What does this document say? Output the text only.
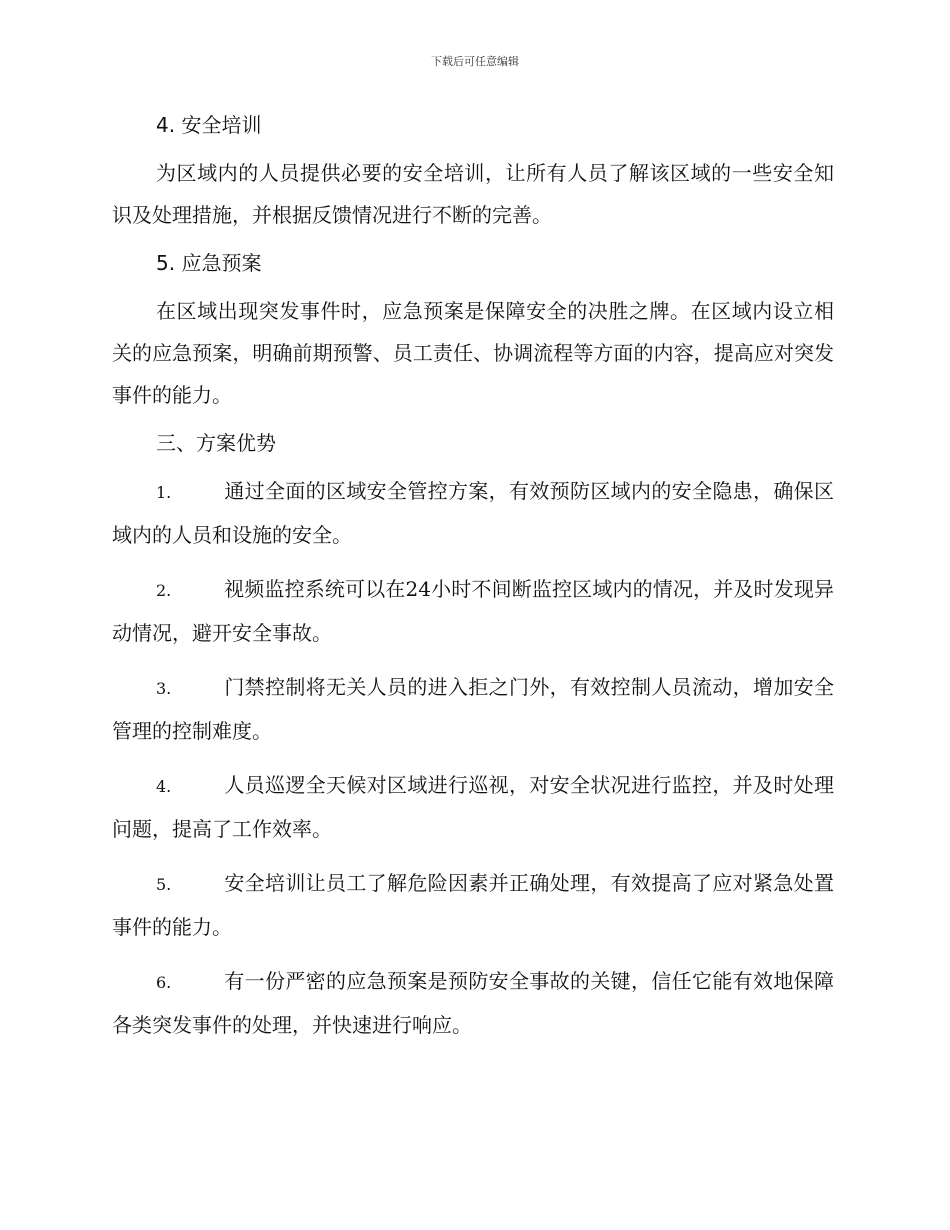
下载后可任意编辑
4. 安全培训
为区域内的人员提供必要的安全培训，让所有人员了解该区域的一些安全知识及处理措施，并根据反馈情况进行不断的完善。
5. 应急预案
在区域出现突发事件时，应急预案是保障安全的决胜之牌。在区域内设立相关的应急预案，明确前期预警、员工责任、协调流程等方面的内容，提高应对突发事件的能力。
三、方案优势
1.	通过全面的区域安全管控方案，有效预防区域内的安全隐患，确保区域内的人员和设施的安全。
2.	视频监控系统可以在24小时不间断监控区域内的情况，并及时发现异动情况，避开安全事故。
3.	门禁控制将无关人员的进入拒之门外，有效控制人员流动，增加安全管理的控制难度。
4.	人员巡逻全天候对区域进行巡视，对安全状况进行监控，并及时处理问题，提高了工作效率。
5.	安全培训让员工了解危险因素并正确处理，有效提高了应对紧急处置事件的能力。
6.	有一份严密的应急预案是预防安全事故的关键，信任它能有效地保障各类突发事件的处理，并快速进行响应。
